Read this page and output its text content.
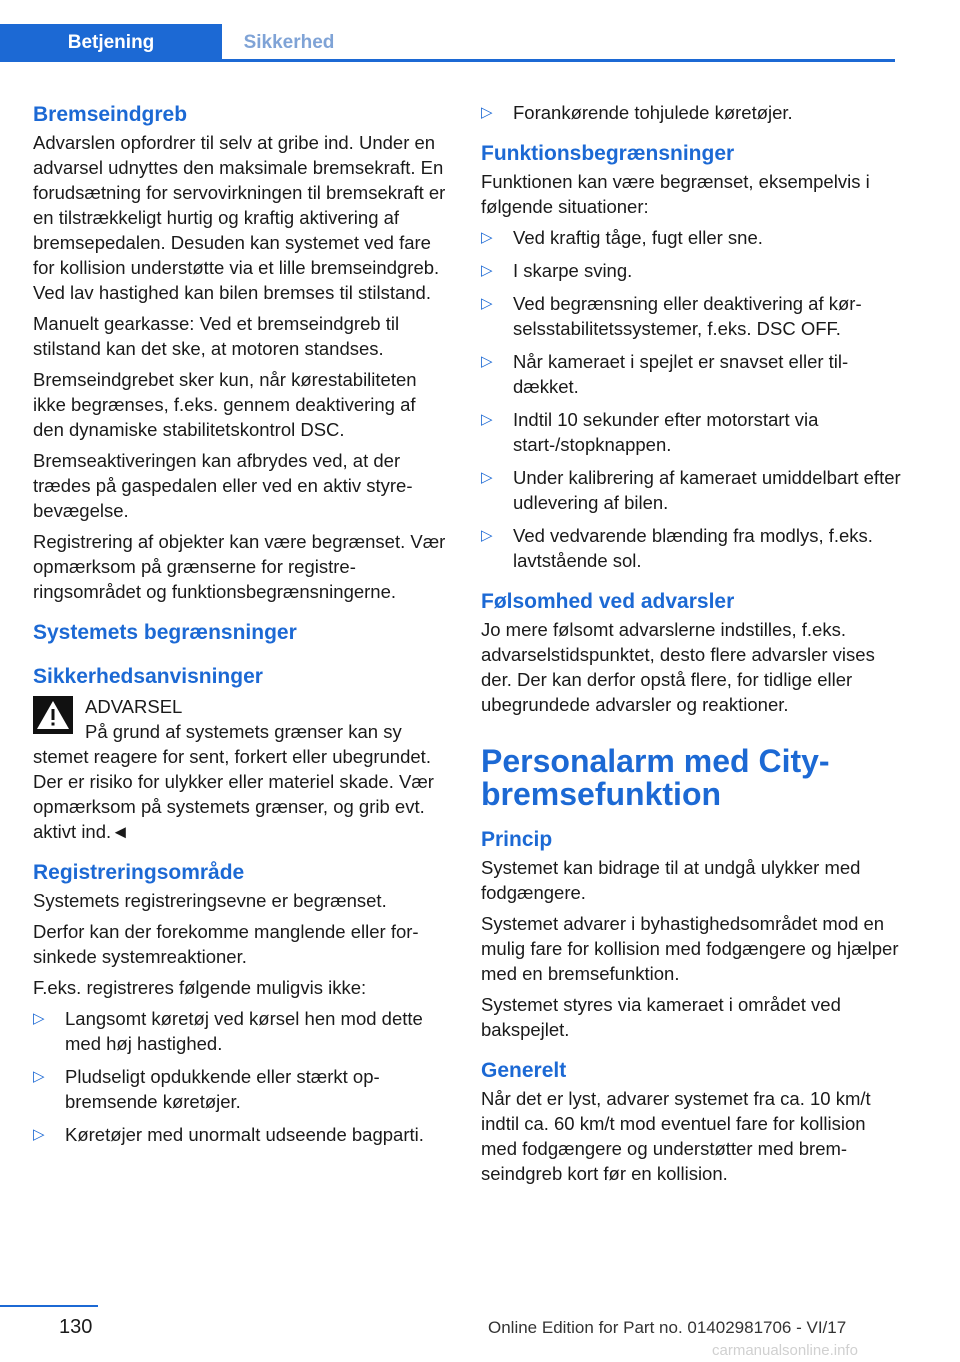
Betjening	Sikkerhed
Bremseindgreb

Advarslen opfordrer til selv at gribe ind. Under en advarsel udnyttes den maksimale bremsekraft. En forudsætning for servovirkningen til bremsekraft er en tilstrækkeligt hurtig og kraftig aktivering af bremsepedalen. Desuden kan systemet ved fare for kollision understøtte via et lille bremseindgreb. Ved lav hastighed kan bilen bremses til stilstand.

Manuelt gearkasse: Ved et bremseindgreb til stilstand kan det ske, at motoren standses.

Bremseindgrebet sker kun, når kørestabiliteten ikke begrænses, f.eks. gennem deaktivering af den dynamiske stabilitetskontrol DSC.

Bremseaktiveringen kan afbrydes ved, at der trædes på gaspedalen eller ved en aktiv styrebevægelse.

Registrering af objekter kan være begrænset. Vær opmærksom på grænserne for registreringsområdet og funktionsbegrænsningerne.

Systemets begrænsninger
Sikkerhedsanvisninger
ADVARSEL
På grund af systemets grænser kan sy

stemet reagere for sent, forkert eller ubegrundet. Der er risiko for ulykker eller materiel skade. Vær opmærksom på systemets grænser, og grib evt. aktivt ind.◄

Registreringsområde

Systemets registreringsevne er begrænset.

Derfor kan der forekomme manglende eller forsinkede systemreaktioner.

F.eks. registreres følgende muligvis ikke:

▷ Langsomt køretøj ved kørsel hen mod dette med høj hastighed.
▷ Pludseligt opdukkende eller stærkt opbremsende køretøjer.
▷ Køretøjer med unormalt udseende bagparti.
▷ Forankørende tohjulede køretøjer.
Funktionsbegrænsninger

Funktionen kan være begrænset, eksempelvis i følgende situationer:

▷ Ved kraftig tåge, fugt eller sne.
▷ I skarpe sving.
▷ Ved begrænsning eller deaktivering af kørselsstabilitetssystemer, f.eks. DSC OFF.
▷ Når kameraet i spejlet er snavset eller tildækket.
▷ Indtil 10 sekunder efter motorstart via start-/stopknappen.
▷ Under kalibrering af kameraet umiddelbart efter udlevering af bilen.
▷ Ved vedvarende blænding fra modlys, f.eks. lavtstående sol.
Følsomhed ved advarsler

Jo mere følsomt advarslerne indstilles, f.eks. advarselstidspunktet, desto flere advarsler vises der. Der kan derfor opstå flere, for tidlige eller ubegrundede advarsler og reaktioner.

Personalarm med City-bremsefunktion
Princip

Systemet kan bidrage til at undgå ulykker med fodgængere.

Systemet advarer i byhastighedsområdet mod en mulig fare for kollision med fodgængere og hjælper med en bremsefunktion.

Systemet styres via kameraet i området ved bakspejlet.

Generelt

Når det er lyst, advarer systemet fra ca. 10 km/t indtil ca. 60 km/t mod eventuel fare for kollision med fodgængere og understøtter med bremseindgreb kort før en kollision.

130	Online Edition for Part no. 01402981706 - VI/17
carmanualsonline.info
